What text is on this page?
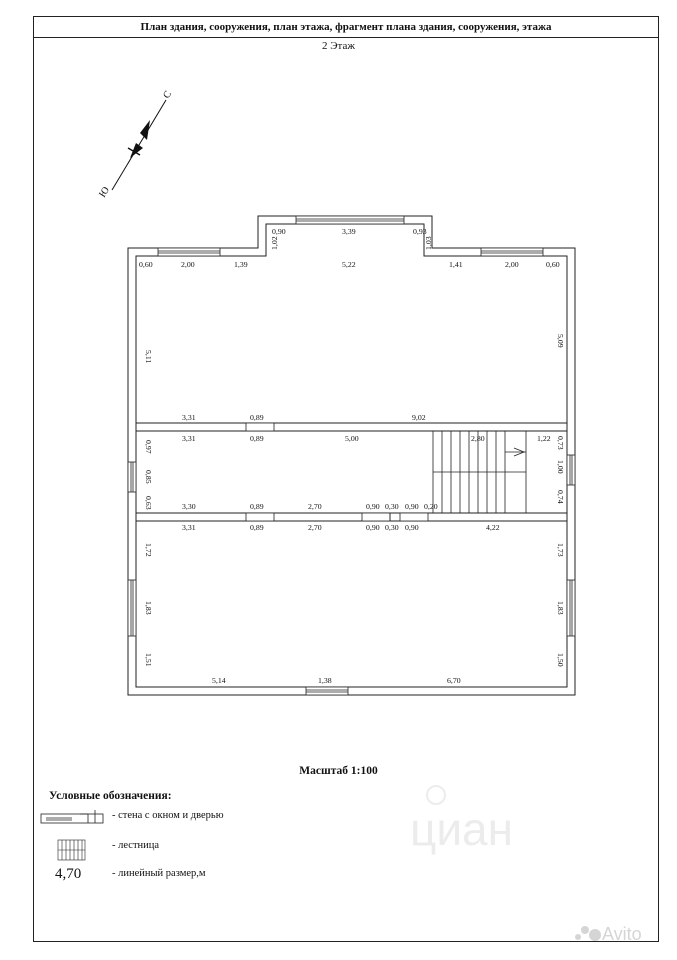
План здания, сооружения, план этажа, фрагмент плана здания, сооружения, этажа
2 Этаж
С
Ю
0,60	2,00	1,39
0,90	3,39	0,93
5,22	1,41	2,00	0,60
3,31	0,89	9,02
3,31	0,89	5,00	2,80	1,22
3,30	0,89	2,70	0,90 0,30 0,90 0,20
3,31	0,89	2,70	0,90 0,30 0,90	4,22
5,14	1,38	6,70
1,02	1,03
5,11
5,09
0,97
0,85
0,63
0,73
1,00
0,74
1,72
1,83
1,51
1,73
1,83
1,50
циан
Avito
Масштаб 1:100
Условные обозначения:
- стена с окном и дверью
- лестница
4,70	- линейный размер,м
